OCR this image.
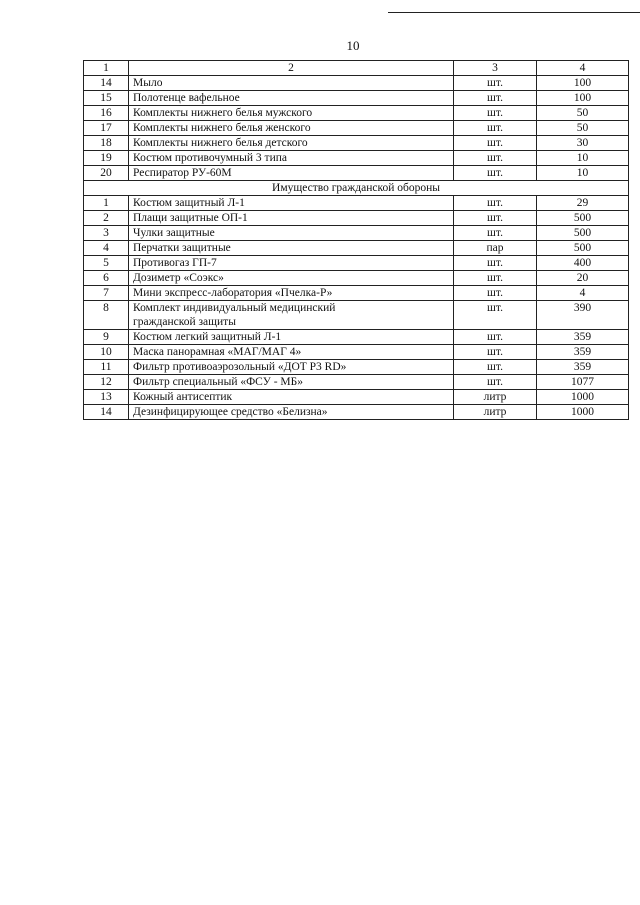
10
1	2	3	4
14	Мыло	шт.	100
15	Полотенце вафельное	шт.	100
16	Комплекты нижнего белья мужского	шт.	50
17	Комплекты нижнего белья женского	шт.	50
18	Комплекты нижнего белья детского	шт.	30
19	Костюм противочумный 3 типа	шт.	10
20	Респиратор РУ-60М	шт.	10
Имущество гражданской обороны			
1	Костюм защитный Л-1	шт.	29
2	Плащи защитные ОП-1	шт.	500
3	Чулки защитные	шт.	500
4	Перчатки защитные	пар	500
5	Противогаз ГП-7	шт.	400
6	Дозиметр «Соэкс»	шт.	20
7	Мини экспресс-лаборатория «Пчелка-Р»	шт.	4
8	Комплект индивидуальный медицинский
гражданской защиты	шт.	390
9	Костюм легкий защитный Л-1	шт.	359
10	Маска панорамная «МАГ/МАГ 4»	шт.	359
11	Фильтр противоаэрозольный «ДОТ Р3 RD»	шт.	359
12	Фильтр специальный «ФСУ - МБ»	шт.	1077
13	Кожный антисептик	литр	1000
14	Дезинфицирующее средство «Белизна»	литр	1000
